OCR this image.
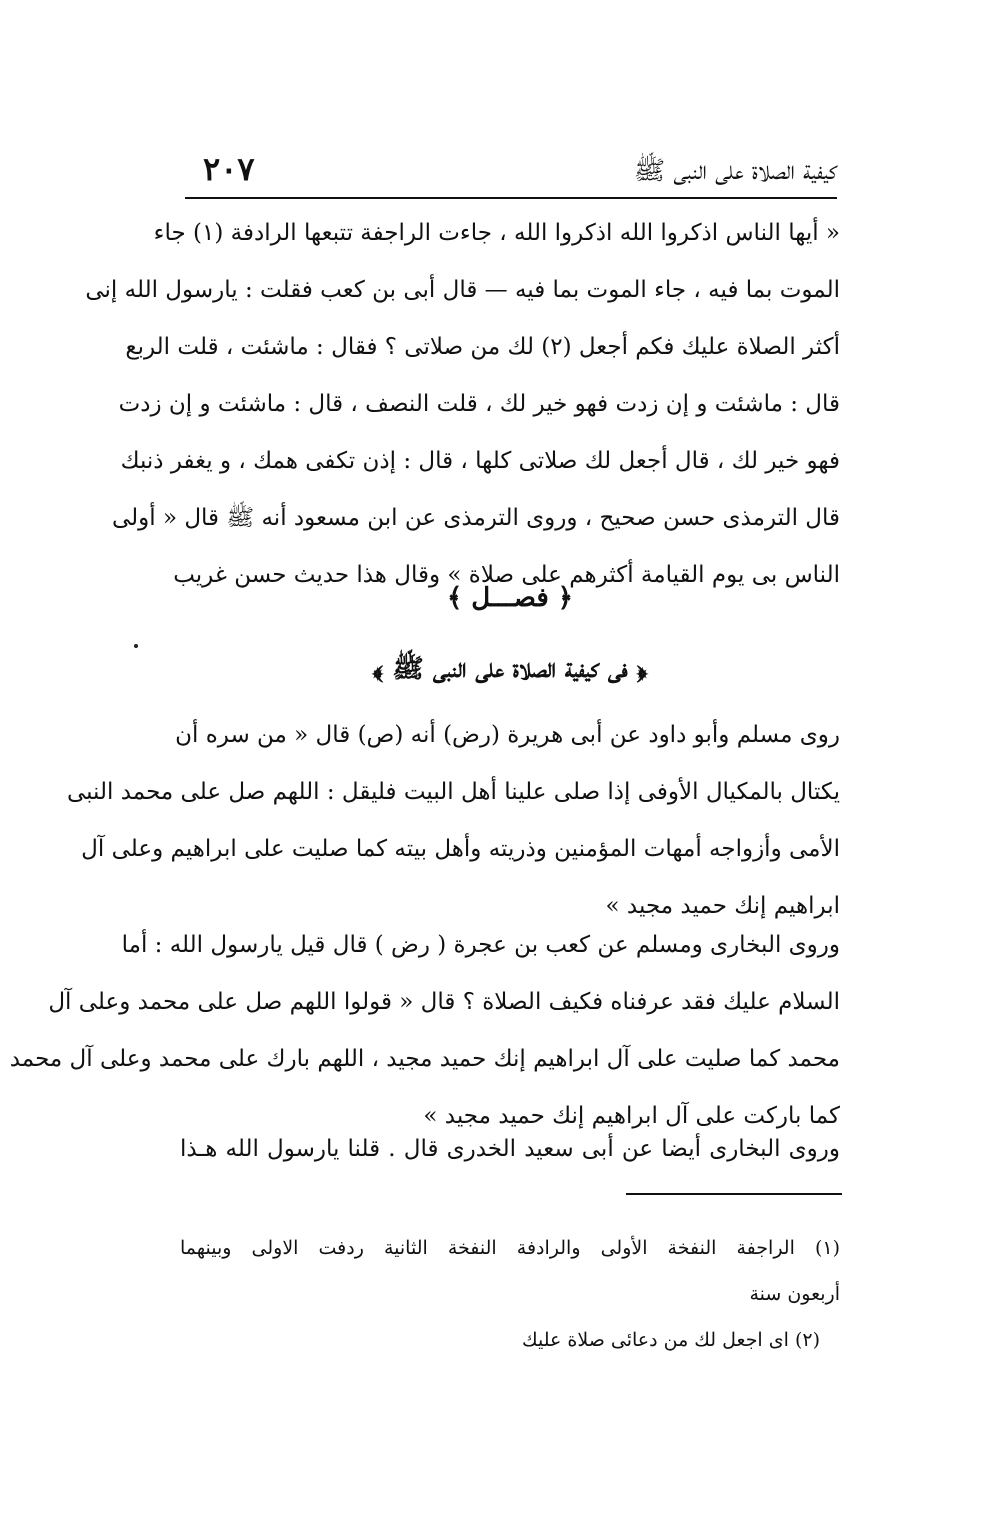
كيفية الصلاة على النبى ﷺ
٢٠٧
« أيها الناس اذكروا الله اذكروا الله ، جاءت الراجفة تتبعها الرادفة (١) جاء
الموت بما فيه ، جاء الموت بما فيه — قال أبى بن كعب فقلت : يارسول الله إنى
أكثر الصلاة عليك فكم أجعل (٢) لك من صلاتى ؟ فقال : ماشئت ، قلت الربع
قال : ماشئت و إن زدت فهو خير لك ، قلت النصف ، قال : ماشئت و إن زدت
فهو خير لك ، قال أجعل لك صلاتى كلها ، قال : إذن تكفى همك ، و يغفر ذنبك
قال الترمذى حسن صحيح ، وروى الترمذى عن ابن مسعود أنه ﷺ قال « أولى
الناس بى يوم القيامة أكثرهم على صلاة » وقال هذا حديث حسن غريب
﴿ فصـــل ﴾
﴿ فى كيفية الصلاة على النبى ﷺ ﴾
روى مسلم وأبو داود عن أبى هريرة (رض) أنه (ص) قال « من سره أن
يكتال بالمكيال الأوفى إذا صلى علينا أهل البيت فليقل : اللهم صل على محمد النبى
الأمى وأزواجه أمهات المؤمنين وذريته وأهل بيته كما صليت على ابراهيم وعلى آل
ابراهيم إنك حميد مجيد »
وروى البخارى ومسلم عن كعب بن عجرة ( رض ) قال قيل يارسول الله : أما
السلام عليك فقد عرفناه فكيف الصلاة ؟ قال « قولوا اللهم صل على محمد وعلى آل
محمد كما صليت على آل ابراهيم إنك حميد مجيد ، اللهم بارك على محمد وعلى آل محمد
كما باركت على آل ابراهيم إنك حميد مجيد »
وروى البخارى أيضا عن أبى سعيد الخدرى قال . قلنا يارسول الله هـذا
(١) الراجفة النفخة الأولى والرادفة النفخة الثانية ردفت الاولى وبينهما
أربعون سنة
(٢) اى اجعل لك من دعائى صلاة عليك
